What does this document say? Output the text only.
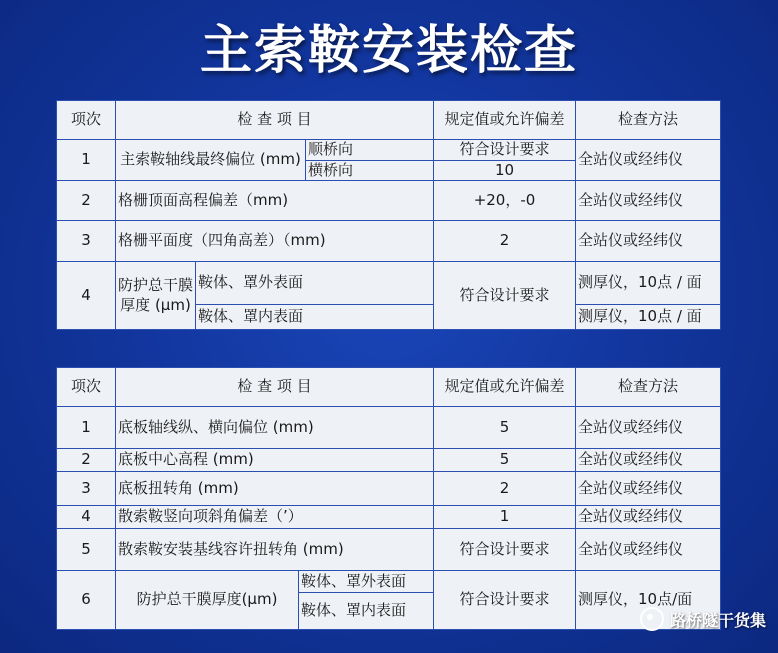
主索鞍安装检查
项次	检 查 项 目			规定值或允许偏差	检查方法
1	主索鞍轴线最终偏位 (mm)		顺桥向	符合设计要求	全站仪或经纬仪
			横桥向	10	
2	格栅顶面高程偏差（mm)			+20，-0	全站仪或经纬仪
3	格栅平面度（四角高差）（mm)			2	全站仪或经纬仪
4	防护总干膜厚度 (μm)	鞍体、罩外表面		符合设计要求	测厚仪，10点 / 面
		鞍体、罩内表面			测厚仪，10点 / 面
项次	检 查 项 目		规定值或允许偏差	检查方法
1	底板轴线纵、横向偏位 (mm)		5	全站仪或经纬仪
2	底板中心高程 (mm)		5	全站仪或经纬仪
3	底板扭转角 (mm)		2	全站仪或经纬仪
4	散索鞍竖向项斜角偏差（’）		1	全站仪或经纬仪
5	散索鞍安装基线容许扭转角 (mm)		符合设计要求	全站仪或经纬仪
6	防护总干膜厚度(μm)	鞍体、罩外表面	符合设计要求	测厚仪，10点/面
		鞍体、罩内表面		
路桥隧干货集
